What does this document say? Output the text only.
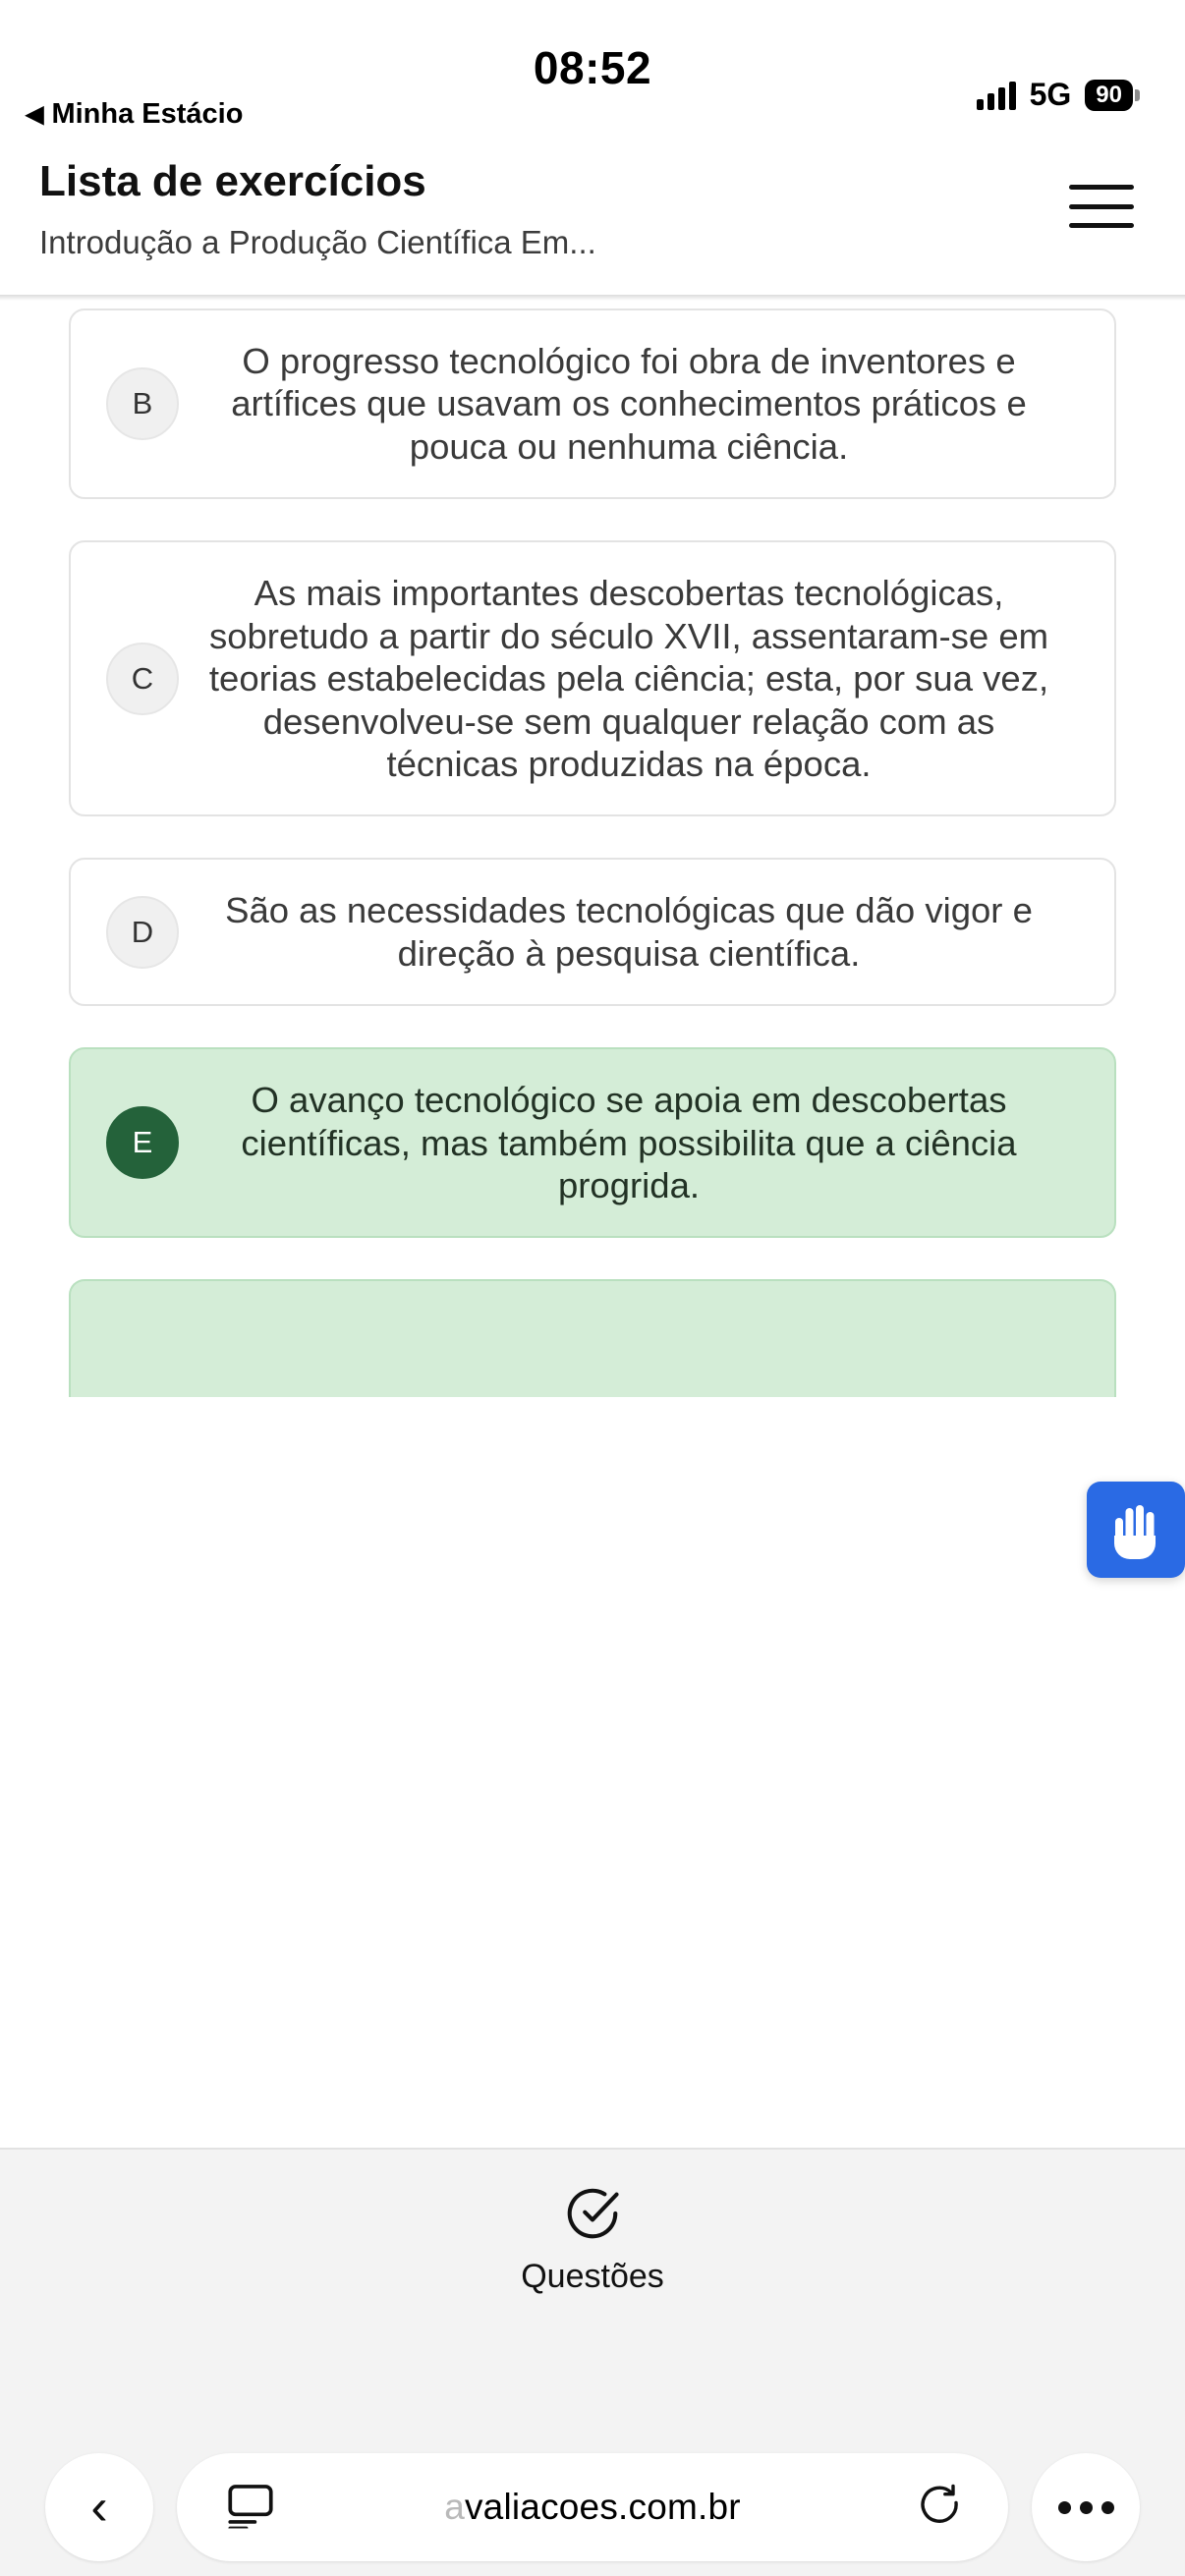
08:52
◀ Minha Estácio
5G	90
Lista de exercícios
Introdução a Produção Científica Em...
B
O progresso tecnológico foi obra de inventores e artífices que usavam os conhecimentos práticos e pouca ou nenhuma ciência.
C
As mais importantes descobertas tecnológicas, sobretudo a partir do século XVII, assentaram-se em teorias estabelecidas pela ciência; esta, por sua vez, desenvolveu-se sem qualquer relação com as técnicas produzidas na época.
D
São as necessidades tecnológicas que dão vigor e direção à pesquisa científica.
E
O avanço tecnológico se apoia em descobertas científicas, mas também possibilita que a ciência progrida.
Questões
‹	avaliacoes.com.br
